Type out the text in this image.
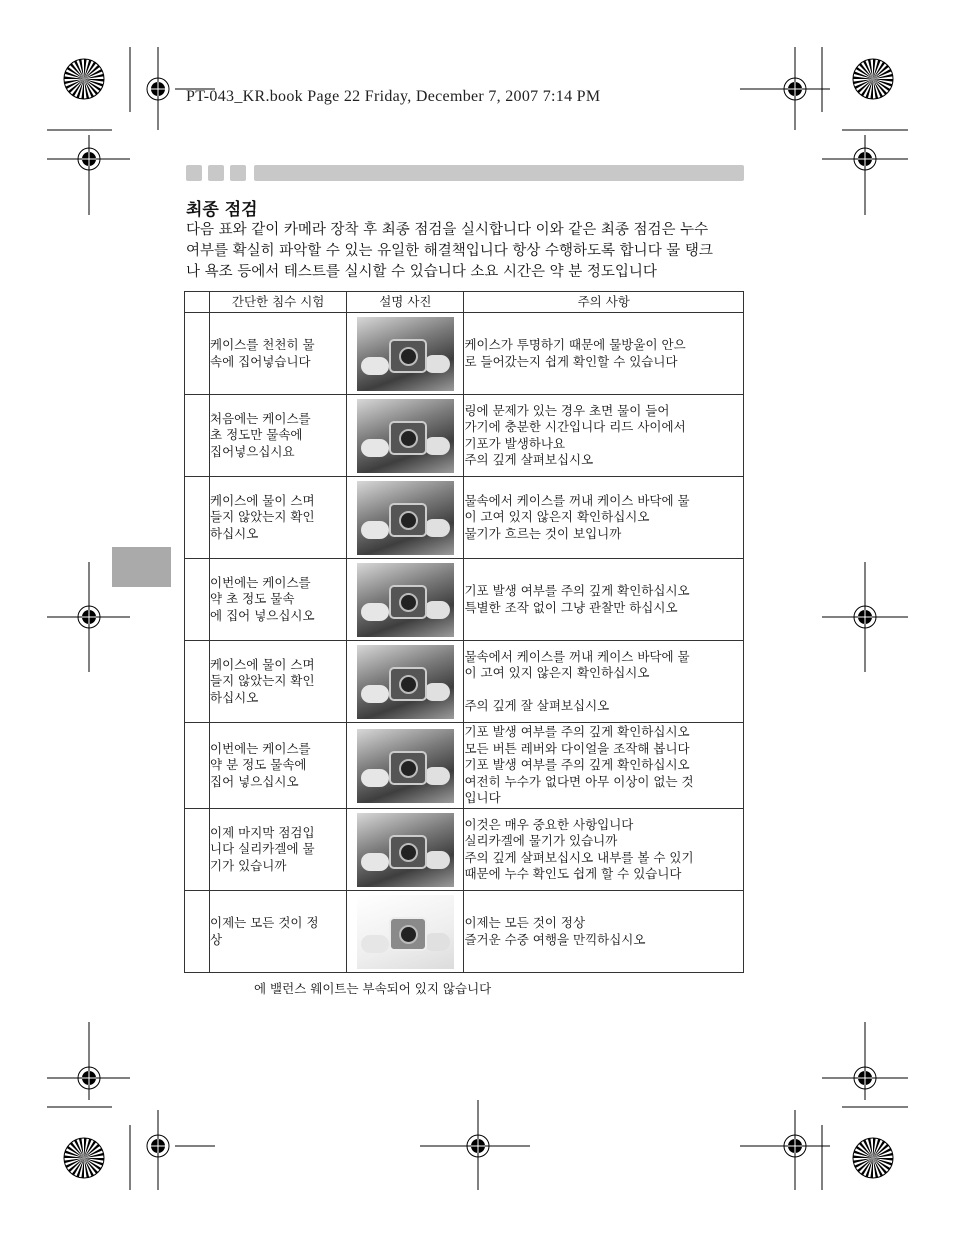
PT-043_KR.book Page 22 Friday, December 7, 2007 7:14 PM
최종 점검
다음 표와 같이 카메라 장착 후 최종 점검을 실시합니다 이와 같은 최종 점검은 누수
여부를 확실히 파악할 수 있는 유일한 해결책입니다 항상 수행하도록 합니다 물 탱크
나 욕조 등에서 테스트를 실시할 수 있습니다 소요 시간은 약 분 정도입니다
	간단한 침수 시험	설명 사진	주의 사항
	케이스를 천천히 물
속에 집어넣습니다		케이스가 투명하기 때문에 물방울이 안으
로 들어갔는지 쉽게 확인할 수 있습니다
	처음에는 케이스를
초 정도만 물속에
집어넣으십시요		링에 문제가 있는 경우 초면 물이 들어
가기에 충분한 시간입니다 리드 사이에서
기포가 발생하나요
주의 깊게 살펴보십시오
	케이스에 물이 스며
들지 않았는지 확인
하십시오		물속에서 케이스를 꺼내 케이스 바닥에 물
이 고여 있지 않은지 확인하십시오
물기가 흐르는 것이 보입니까
	이번에는 케이스를
약 초 정도 물속
에 집어 넣으십시오		기포 발생 여부를 주의 깊게 확인하십시오
특별한 조작 없이 그냥 관찰만 하십시오
	케이스에 물이 스며
들지 않았는지 확인
하십시오		물속에서 케이스를 꺼내 케이스 바닥에 물
이 고여 있지 않은지 확인하십시오

주의 깊게 잘 살펴보십시오
	이번에는 케이스를
약 분 정도 물속에
집어 넣으십시오		기포 발생 여부를 주의 깊게 확인하십시오
모든 버튼 레버와 다이얼을 조작해 봅니다
기포 발생 여부를 주의 깊게 확인하십시오
여전히 누수가 없다면 아무 이상이 없는 것
입니다
	이제 마지막 점검입
니다 실리카겔에 물
기가 있습니까		이것은 매우 중요한 사항입니다
실리카겔에 물기가 있습니까
주의 깊게 살펴보십시오 내부를 볼 수 있기
때문에 누수 확인도 쉽게 할 수 있습니다
	이제는 모든 것이 정
상		이제는 모든 것이 정상
즐거운 수중 여행을 만끽하십시오
에 밸런스 웨이트는 부속되어 있지 않습니다
